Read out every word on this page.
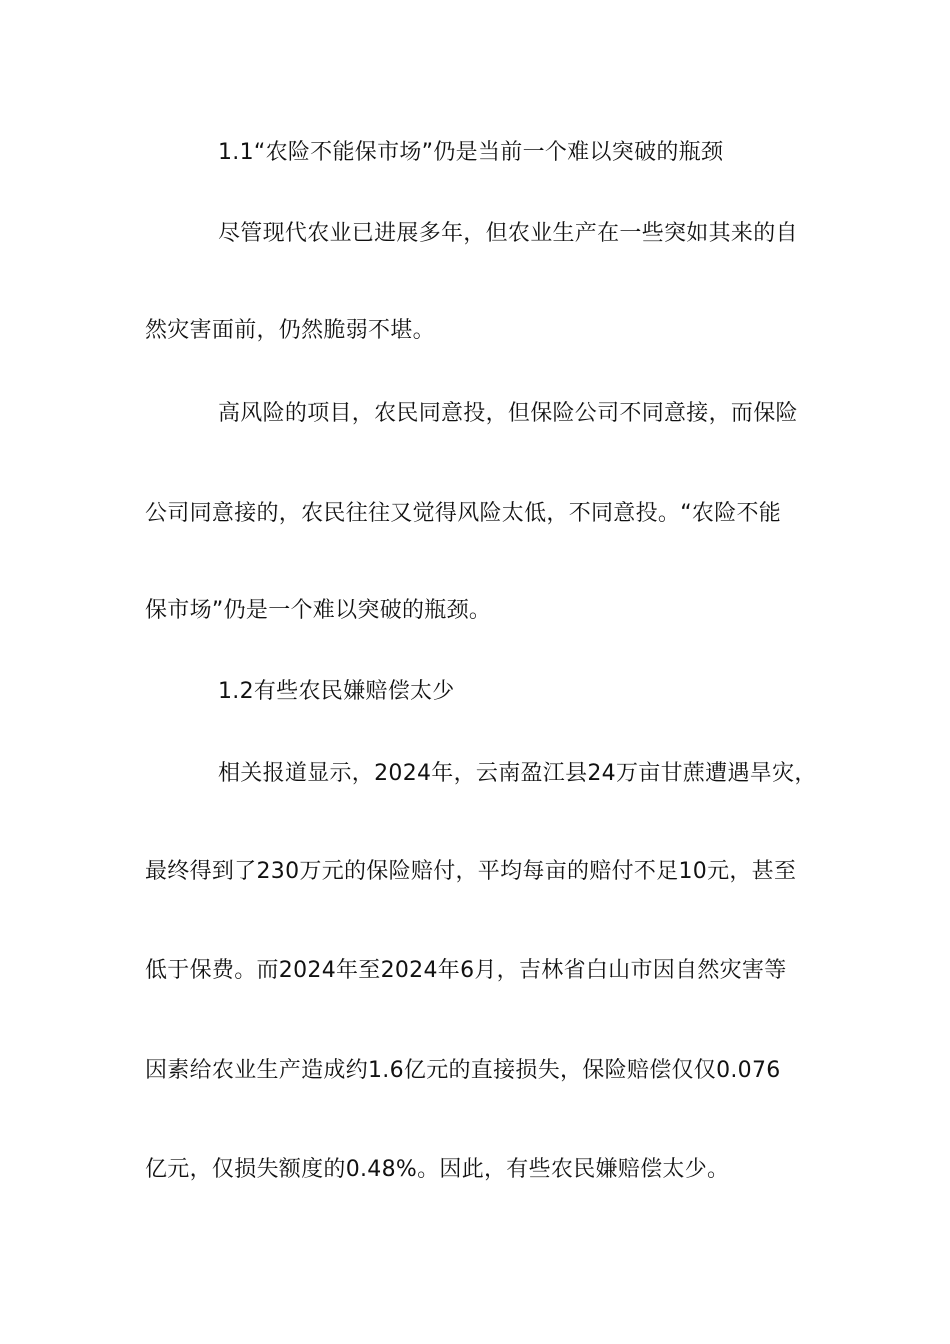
1.1“农险不能保市场”仍是当前一个难以突破的瓶颈
尽管现代农业已进展多年，但农业生产在一些突如其来的自
然灾害面前，仍然脆弱不堪。
高风险的项目，农民同意投，但保险公司不同意接，而保险
公司同意接的，农民往往又觉得风险太低，不同意投。“农险不能
保市场”仍是一个难以突破的瓶颈。
1.2有些农民嫌赔偿太少
相关报道显示，2024年，云南盈江县24万亩甘蔗遭遇旱灾，
最终得到了230万元的保险赔付，平均每亩的赔付不足10元，甚至
低于保费。而2024年至2024年6月，吉林省白山市因自然灾害等
因素给农业生产造成约1.6亿元的直接损失，保险赔偿仅仅0.076
亿元，仅损失额度的0.48%。因此，有些农民嫌赔偿太少。
